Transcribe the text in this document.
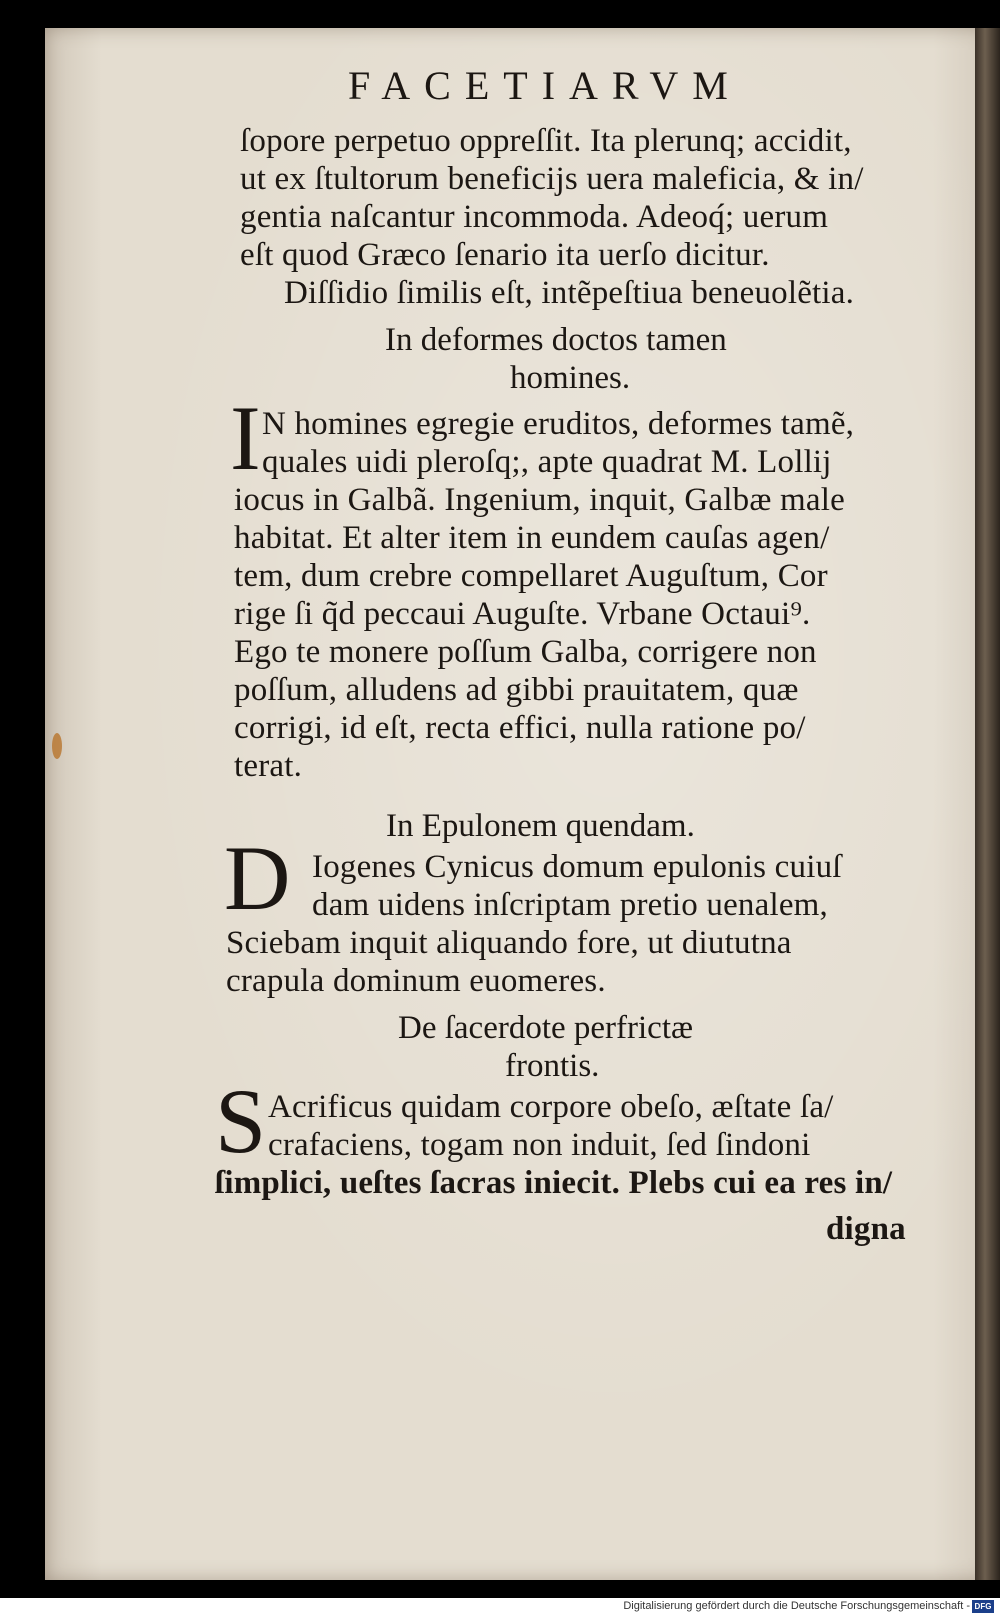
FACETIARVM
ſopore perpetuo oppreſſit. Ita plerunq; accidit,
ut ex ſtultorum beneficijs uera maleficia, & in/
gentia naſcantur incommoda. Adeoq́; uerum
eſt quod Græco ſenario ita uerſo dicitur.
Diſſidio ſimilis eſt, intẽpeſtiua beneuolẽtia.
In deformes doctos tamen
homines.
I N homines egregie eruditos, deformes tamẽ,
quales uidi pleroſq;, apte quadrat M. Lollij
iocus in Galbã. Ingenium, inquit, Galbæ male
habitat. Et alter item in eundem cauſas agen/
tem, dum crebre compellaret Auguſtum, Cor
rige ſi q̃d peccaui Auguſte. Vrbane Octaui⁹.
Ego te monere poſſum Galba, corrigere non
poſſum, alludens ad gibbi prauitatem, quæ
corrigi, id eſt, recta effici, nulla ratione po/
terat.
In Epulonem quendam.
D Iogenes Cynicus domum epulonis cuiuſ
dam uidens inſcriptam pretio uenalem,
Sciebam inquit aliquando fore, ut diututna
crapula dominum euomeres.
De ſacerdote perfrictæ
frontis.
S Acrificus quidam corpore obeſo, æſtate ſa/
crafaciens, togam non induit, ſed ſindoni
ſimplici, ueſtes ſacras iniecit. Plebs cui ea res in/
digna
Digitalisierung gefördert durch die Deutsche Forschungsgemeinschaft - DFG
